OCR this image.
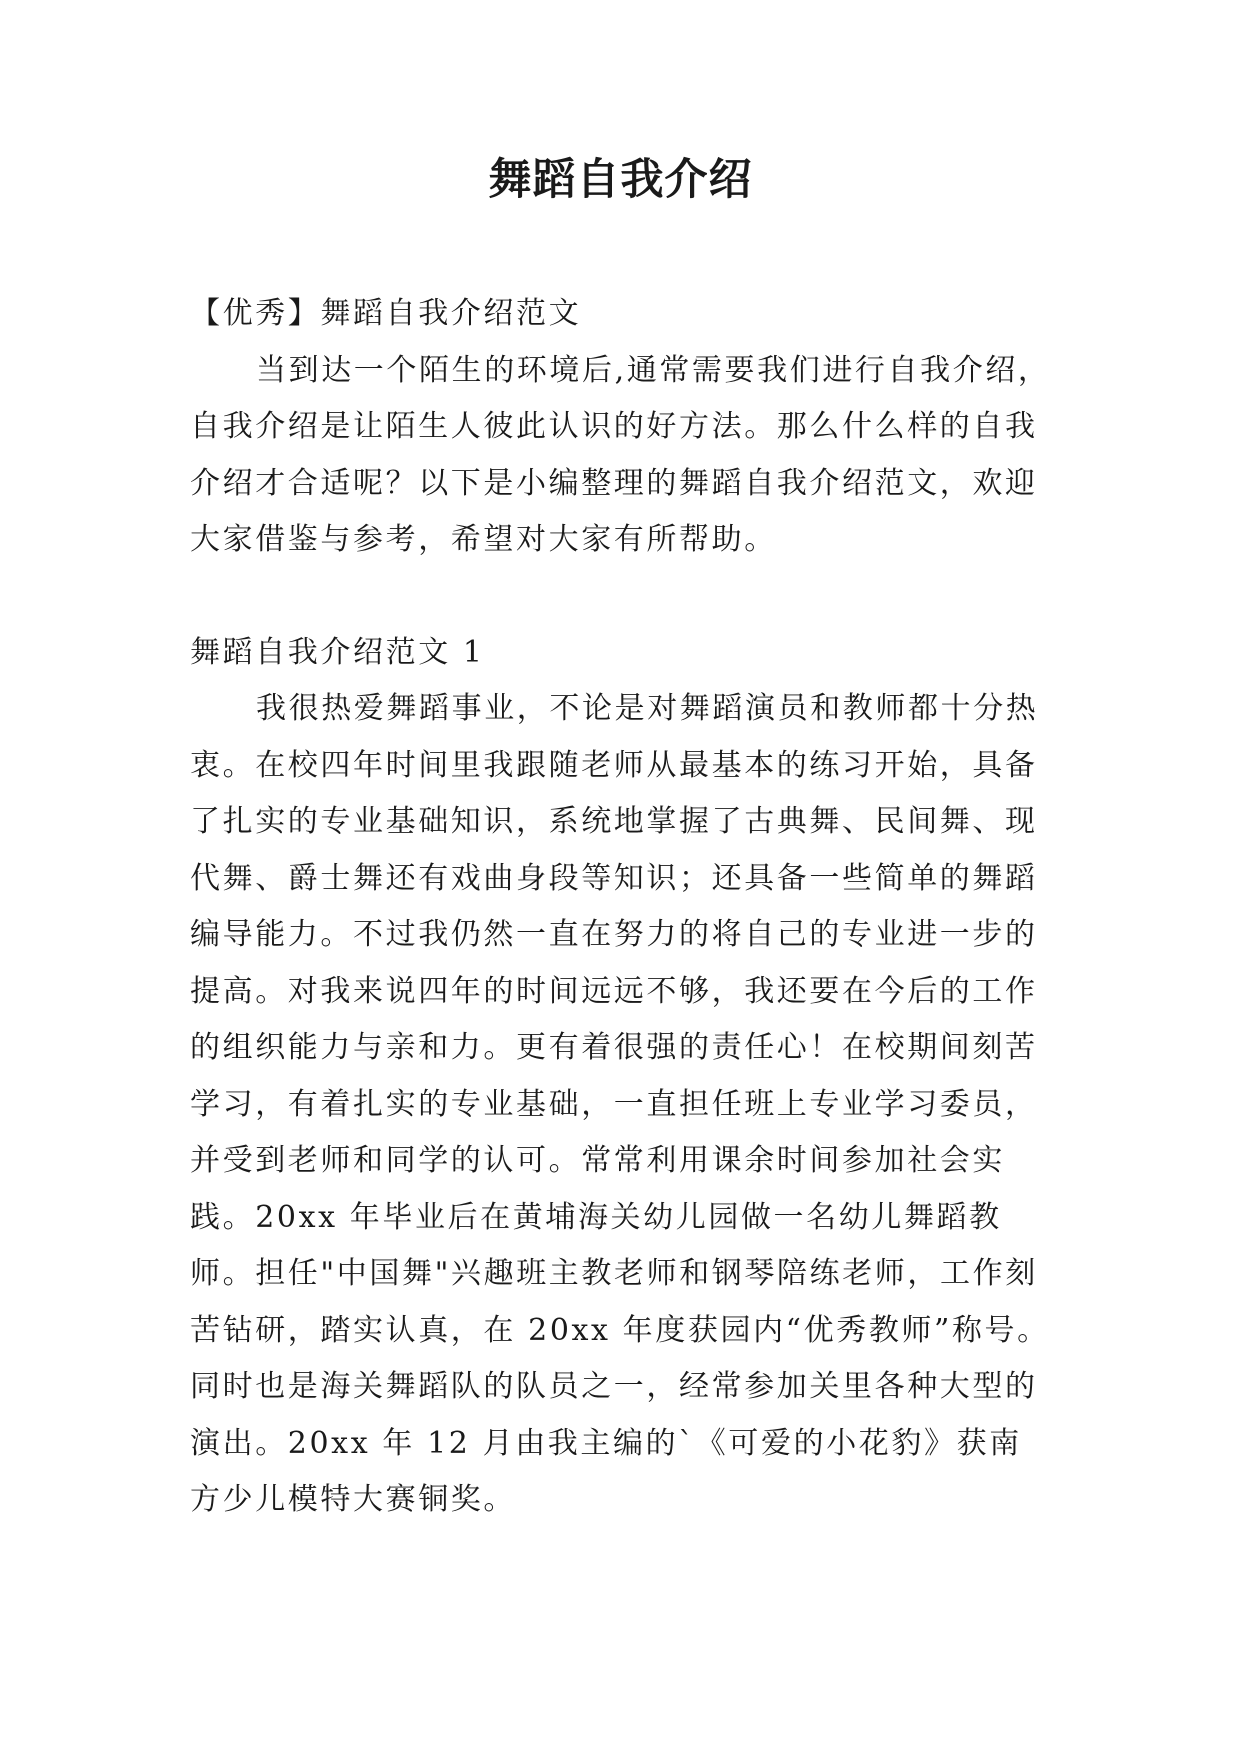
舞蹈自我介绍

【优秀】舞蹈自我介绍范文

当到达一个陌生的环境后,通常需要我们进行自我介绍，自我介绍是让陌生人彼此认识的好方法。那么什么样的自我介绍才合适呢？以下是小编整理的舞蹈自我介绍范文，欢迎大家借鉴与参考，希望对大家有所帮助。

舞蹈自我介绍范文 1

我很热爱舞蹈事业，不论是对舞蹈演员和教师都十分热衷。在校四年时间里我跟随老师从最基本的练习开始，具备了扎实的专业基础知识，系统地掌握了古典舞、民间舞、现代舞、爵士舞还有戏曲身段等知识；还具备一些简单的舞蹈编导能力。不过我仍然一直在努力的将自己的专业进一步的提高。对我来说四年的时间远远不够，我还要在今后的工作的组织能力与亲和力。更有着很强的责任心！在校期间刻苦学习，有着扎实的专业基础，一直担任班上专业学习委员，并受到老师和同学的认可。常常利用课余时间参加社会实践。20xx 年毕业后在黄埔海关幼儿园做一名幼儿舞蹈教师。担任"中国舞"兴趣班主教老师和钢琴陪练老师，工作刻苦钻研，踏实认真，在 20xx 年度获园内“优秀教师”称号。同时也是海关舞蹈队的队员之一，经常参加关里各种大型的演出。20xx 年 12 月由我主编的`《可爱的小花豹》获南方少儿模特大赛铜奖。
